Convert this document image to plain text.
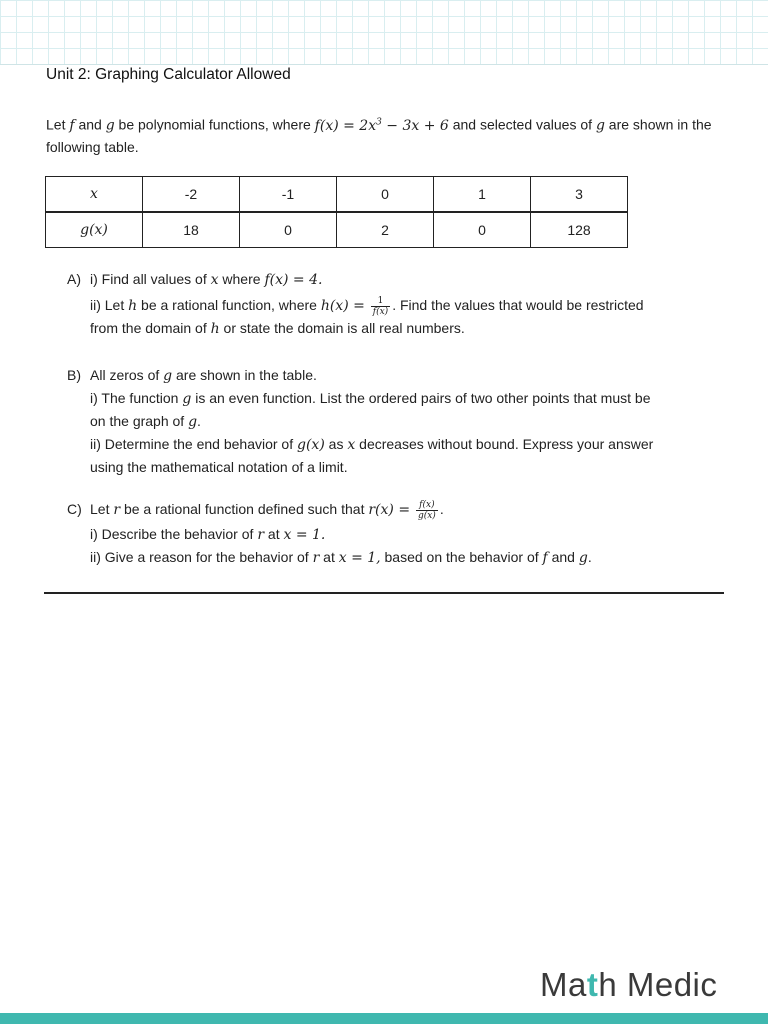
Unit 2: Graphing Calculator Allowed
Let f and g be polynomial functions, where $f(x) = 2x^3 - 3x + 6$ and selected values of g are shown in the following table.
x	-2	-1	0	1	3
g(x)	18	0	2	0	128
A) i) Find all values of x where f(x) = 4.
ii) Let h be a rational function, where $h(x) = \frac{1}{f(x)}$ . Find the values that would be restricted
from the domain of h or state the domain is all real numbers.
B) All zeros of g are shown in the table.
i) The function g is an even function. List the ordered pairs of two other points that must be
on the graph of g.
ii) Determine the end behavior of g(x) as x decreases without bound. Express your answer
using the mathematical notation of a limit.
C) Let r be a rational function defined such that $r(x) = \frac{f(x)}{g(x)}$ .
i) Describe the behavior of r at x = 1.
ii) Give a reason for the behavior of r at x = 1, based on the behavior of f and g.
Math Medic
